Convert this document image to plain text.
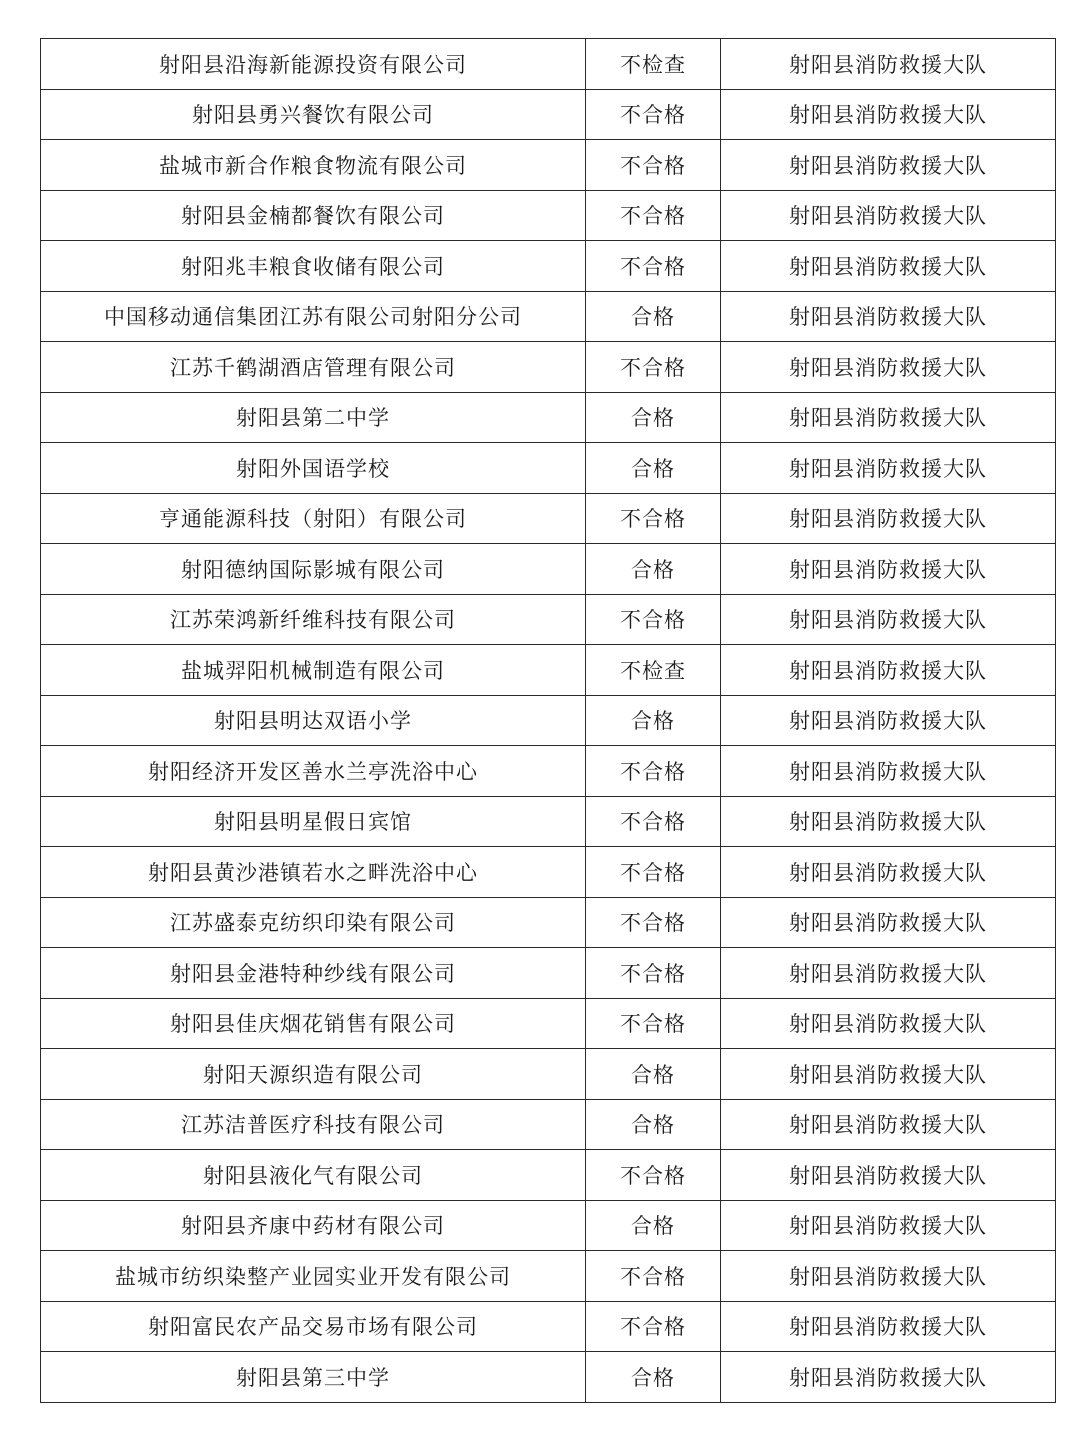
射阳县沿海新能源投资有限公司	不检查	射阳县消防救援大队
射阳县勇兴餐饮有限公司	不合格	射阳县消防救援大队
盐城市新合作粮食物流有限公司	不合格	射阳县消防救援大队
射阳县金楠都餐饮有限公司	不合格	射阳县消防救援大队
射阳兆丰粮食收储有限公司	不合格	射阳县消防救援大队
中国移动通信集团江苏有限公司射阳分公司	合格	射阳县消防救援大队
江苏千鹤湖酒店管理有限公司	不合格	射阳县消防救援大队
射阳县第二中学	合格	射阳县消防救援大队
射阳外国语学校	合格	射阳县消防救援大队
亨通能源科技（射阳）有限公司	不合格	射阳县消防救援大队
射阳德纳国际影城有限公司	合格	射阳县消防救援大队
江苏荣鸿新纤维科技有限公司	不合格	射阳县消防救援大队
盐城羿阳机械制造有限公司	不检查	射阳县消防救援大队
射阳县明达双语小学	合格	射阳县消防救援大队
射阳经济开发区善水兰亭洗浴中心	不合格	射阳县消防救援大队
射阳县明星假日宾馆	不合格	射阳县消防救援大队
射阳县黄沙港镇若水之畔洗浴中心	不合格	射阳县消防救援大队
江苏盛泰克纺织印染有限公司	不合格	射阳县消防救援大队
射阳县金港特种纱线有限公司	不合格	射阳县消防救援大队
射阳县佳庆烟花销售有限公司	不合格	射阳县消防救援大队
射阳天源织造有限公司	合格	射阳县消防救援大队
江苏洁普医疗科技有限公司	合格	射阳县消防救援大队
射阳县液化气有限公司	不合格	射阳县消防救援大队
射阳县齐康中药材有限公司	合格	射阳县消防救援大队
盐城市纺织染整产业园实业开发有限公司	不合格	射阳县消防救援大队
射阳富民农产品交易市场有限公司	不合格	射阳县消防救援大队
射阳县第三中学	合格	射阳县消防救援大队
